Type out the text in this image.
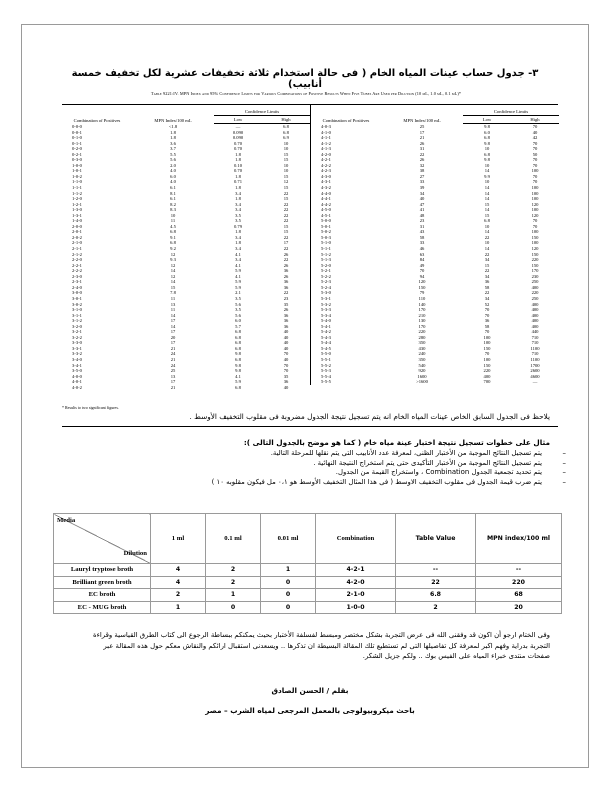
٣- جدول حساب عينات المياه الخام ( فى حالة استخدام ثلاثة تخفيفات عشرية لكل تخفيف خمسة أنابيب)
Table 9221:IV. MPN Index and 95% Confidence Limits for Various Combinations of Positive Results When Five Tubes Are Used per Dilution (10 mL, 1.0 mL, 0.1 mL)*
Combination of Positives	MPN Index/100 mL	Confidence Limits	
		Low	High
0-0-0	<1.8	—	6.8
0-0-1	1.8	0.090	6.8
0-1-0	1.8	0.090	6.9
0-1-1	3.6	0.70	10
0-2-0	3.7	0.70	10
0-2-1	5.5	1.8	15
0-3-0	5.6	1.8	15
1-0-0	2.0	0.10	10
1-0-1	4.0	0.70	10
1-0-2	6.0	1.8	15
1-1-0	4.0	0.71	12
1-1-1	6.1	1.8	15
1-1-2	8.1	3.4	22
1-2-0	6.1	1.8	15
1-2-1	8.2	3.4	22
1-3-0	8.3	3.4	22
1-3-1	10	3.5	22
1-4-0	11	3.5	22
2-0-0	4.5	0.79	15
2-0-1	6.8	1.8	15
2-0-2	9.1	3.4	22
2-1-0	6.8	1.8	17
2-1-1	9.2	3.4	22
2-1-2	12	4.1	26
2-2-0	9.3	3.4	22
2-2-1	12	4.1	26
2-2-2	14	5.9	36
2-3-0	12	4.1	26
2-3-1	14	5.9	36
2-4-0	15	5.9	36
3-0-0	7.8	2.1	22
3-0-1	11	3.5	23
3-0-2	13	5.6	35
3-1-0	11	3.5	26
3-1-1	14	5.6	36
3-1-2	17	6.0	36
3-2-0	14	5.7	36
3-2-1	17	6.8	40
3-2-2	20	6.8	40
3-3-0	17	6.8	40
3-3-1	21	6.8	40
3-3-2	24	9.8	70
3-4-0	21	6.8	40
3-4-1	24	9.8	70
3-5-0	25	9.8	70
4-0-0	13	4.1	35
4-0-1	17	5.9	36
4-0-2	21	6.8	40
Combination of Positives	MPN Index/100 mL	Confidence Limits	
		Low	High
4-0-3	25	9.8	70
4-1-0	17	6.0	40
4-1-1	21	6.8	42
4-1-2	26	9.8	70
4-1-3	31	10	70
4-2-0	22	6.8	50
4-2-1	26	9.8	70
4-2-2	32	10	70
4-2-3	38	14	100
4-3-0	27	9.9	70
4-3-1	33	10	70
4-3-2	39	14	100
4-4-0	34	14	100
4-4-1	40	14	100
4-4-2	47	15	120
4-5-0	41	14	100
4-5-1	48	15	120
5-0-0	23	6.8	70
5-0-1	31	10	70
5-0-2	43	14	100
5-0-3	58	22	150
5-1-0	33	10	100
5-1-1	46	14	120
5-1-2	63	22	150
5-1-3	84	34	220
5-2-0	49	15	150
5-2-1	70	22	170
5-2-2	94	34	230
5-2-3	120	36	250
5-2-4	150	58	400
5-3-0	79	22	220
5-3-1	110	34	250
5-3-2	140	52	400
5-3-3	170	70	400
5-3-4	210	70	400
5-4-0	130	36	400
5-4-1	170	58	400
5-4-2	220	70	440
5-4-3	280	100	710
5-4-4	350	100	710
5-4-5	430	150	1100
5-5-0	240	70	710
5-5-1	350	100	1100
5-5-2	540	150	1700
5-5-3	920	220	2600
5-5-4	1600	400	4600
5-5-5	>1600	700	—
* Results to two significant figures.
يلاحظ فى الجدول السابق الخاص عينات المياه الخام انه يتم تسجيل نتيجة الجدول مضروبة فى مقلوب التخفيف الأوسط .
مثال على خطوات تسجيل نتيجة اختبار عينة مياه خام ( كما هو موضح بالجدول التالى ):
– يتم تسجيل النتائج الموجبة من الأختبار الظنى، لمعرفة عدد الأنابيب التى يتم نقلها للمرحلة التالية.
– يتم تسجيل النتائج الموجبة من الأختبار التأكيدى حتى يتم استخراج النتيجة النهائية .
– يتم تحديد تجمعية الجدول Combination ، واستخراج القيمة من الجدول.
– يتم ضرب قيمة الجدول فى مقلوب التخفيف الاوسط ( فى هذا المثال التخفيف الأوسط هو ٠،١ مل فيكون مقلوبه ١٠ )
Media
Dilution	1 ml	0.1 ml	0.01 ml	Combination	Table Value	MPN index/100 ml
Lauryl tryptose broth	4	2	1	4-2-1	--	--
Brilliant green broth	4	2	0	4-2-0	22	220
EC broth	2	1	0	2-1-0	6.8	68
EC - MUG broth	1	0	0	1-0-0	2	20
وفى الختام ارجو أن اكون قد وفقنى الله فى عرض التجربة بشكل مختصر ومبسط لفسلفة الأختبار بحيث يمكنكم ببساطة الرجوع الى كتاب الطرق القياسية وقراءة التجربة بدراية وفهم اكبر لمعرفة كل تفاصيلها التى لم تستطيع تلك المقالة البسيطة ان تذكرها .. ويسعدنى استقبال ارائكم والنقاش معكم حول هذه المقالة عبر صفحات منتدى خبراء المياه على الفيس بوك .. ولكم جزيل الشكر.
بقلم / الحسن الصادق
باحث ميكروبيولوجى بالمعمل المرجعى لمياه الشرب – مصر
